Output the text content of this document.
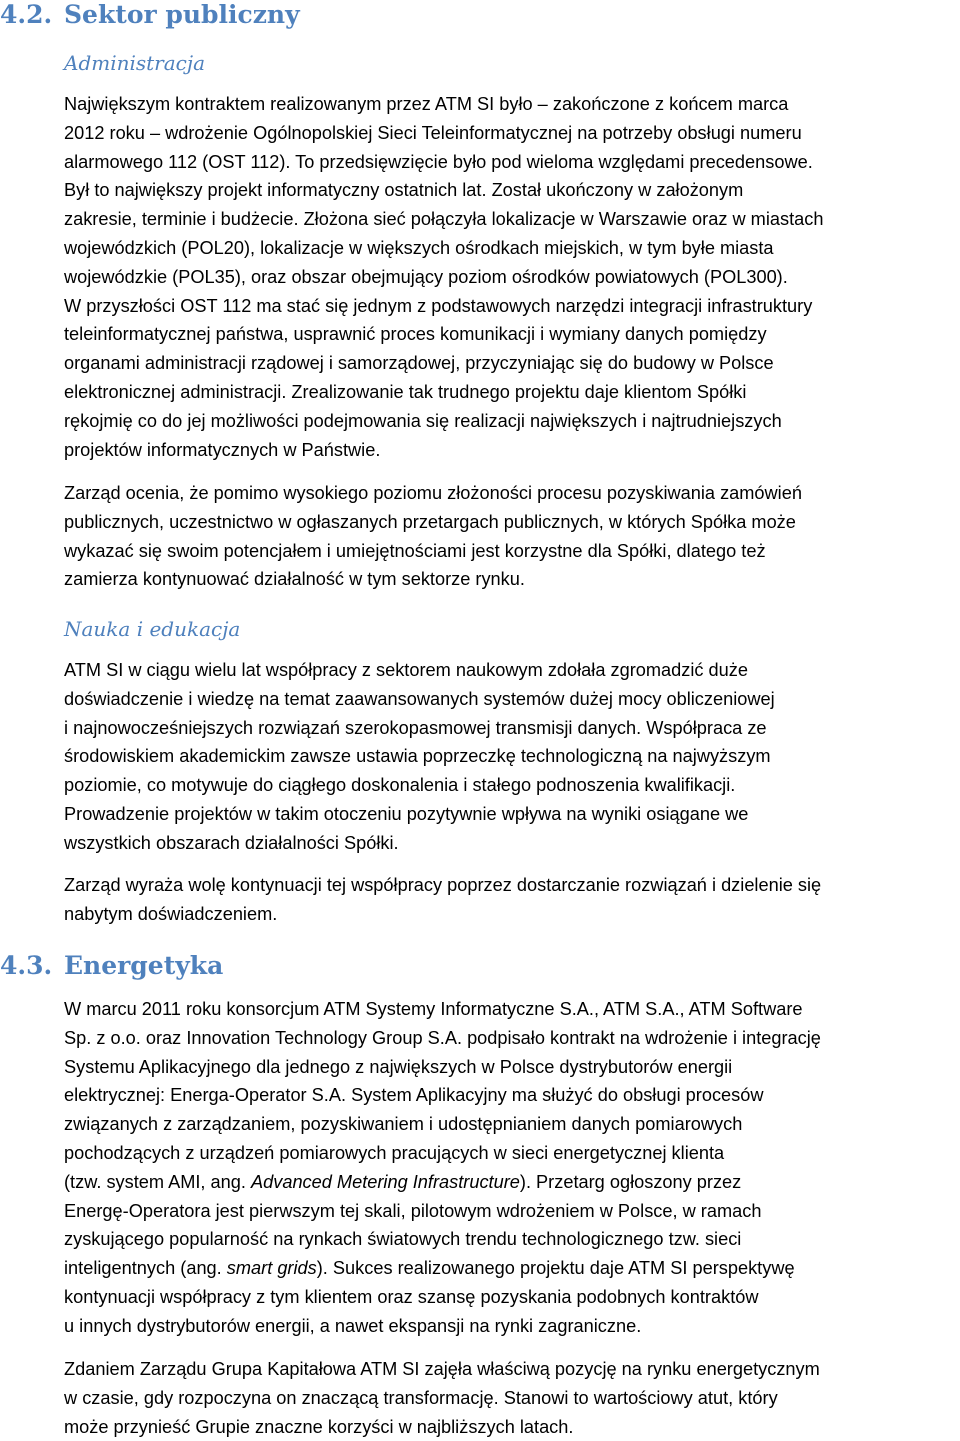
4.2. Sektor publiczny
Administracja

Największym kontraktem realizowanym przez ATM SI było – zakończone z końcem marca
2012 roku – wdrożenie Ogólnopolskiej Sieci Teleinformatycznej na potrzeby obsługi numeru
alarmowego 112 (OST 112). To przedsięwzięcie było pod wieloma względami precedensowe.
Był to największy projekt informatyczny ostatnich lat. Został ukończony w założonym
zakresie, terminie i budżecie. Złożona sieć połączyła lokalizacje w Warszawie oraz w miastach
wojewódzkich (POL20), lokalizacje w większych ośrodkach miejskich, w tym byłe miasta
wojewódzkie (POL35), oraz obszar obejmujący poziom ośrodków powiatowych (POL300).
W przyszłości OST 112 ma stać się jednym z podstawowych narzędzi integracji infrastruktury
teleinformatycznej państwa, usprawnić proces komunikacji i wymiany danych pomiędzy
organami administracji rządowej i samorządowej, przyczyniając się do budowy w Polsce
elektronicznej administracji. Zrealizowanie tak trudnego projektu daje klientom Spółki
rękojmię co do jej możliwości podejmowania się realizacji największych i najtrudniejszych
projektów informatycznych w Państwie.

Zarząd ocenia, że pomimo wysokiego poziomu złożoności procesu pozyskiwania zamówień
publicznych, uczestnictwo w ogłaszanych przetargach publicznych, w których Spółka może
wykazać się swoim potencjałem i umiejętnościami jest korzystne dla Spółki, dlatego też
zamierza kontynuować działalność w tym sektorze rynku.

Nauka i edukacja

ATM SI w ciągu wielu lat współpracy z sektorem naukowym zdołała zgromadzić duże
doświadczenie i wiedzę na temat zaawansowanych systemów dużej mocy obliczeniowej
i najnowocześniejszych rozwiązań szerokopasmowej transmisji danych. Współpraca ze
środowiskiem akademickim zawsze ustawia poprzeczkę technologiczną na najwyższym
poziomie, co motywuje do ciągłego doskonalenia i stałego podnoszenia kwalifikacji.
Prowadzenie projektów w takim otoczeniu pozytywnie wpływa na wyniki osiągane we
wszystkich obszarach działalności Spółki.

Zarząd wyraża wolę kontynuacji tej współpracy poprzez dostarczanie rozwiązań i dzielenie się
nabytym doświadczeniem.

4.3. Energetyka

W marcu 2011 roku konsorcjum ATM Systemy Informatyczne S.A., ATM S.A., ATM Software
Sp. z o.o. oraz Innovation Technology Group S.A. podpisało kontrakt na wdrożenie i integrację
Systemu Aplikacyjnego dla jednego z największych w Polsce dystrybutorów energii
elektrycznej: Energa-Operator S.A. System Aplikacyjny ma służyć do obsługi procesów
związanych z zarządzaniem, pozyskiwaniem i udostępnianiem danych pomiarowych
pochodzących z urządzeń pomiarowych pracujących w sieci energetycznej klienta
(tzw. system AMI, ang. Advanced Metering Infrastructure). Przetarg ogłoszony przez
Energę-Operatora jest pierwszym tej skali, pilotowym wdrożeniem w Polsce, w ramach
zyskującego popularność na rynkach światowych trendu technologicznego tzw. sieci
inteligentnych (ang. smart grids). Sukces realizowanego projektu daje ATM SI perspektywę
kontynuacji współpracy z tym klientem oraz szansę pozyskania podobnych kontraktów
u innych dystrybutorów energii, a nawet ekspansji na rynki zagraniczne.

Zdaniem Zarządu Grupa Kapitałowa ATM SI zajęła właściwą pozycję na rynku energetycznym
w czasie, gdy rozpoczyna on znaczącą transformację. Stanowi to wartościowy atut, który
może przynieść Grupie znaczne korzyści w najbliższych latach.
